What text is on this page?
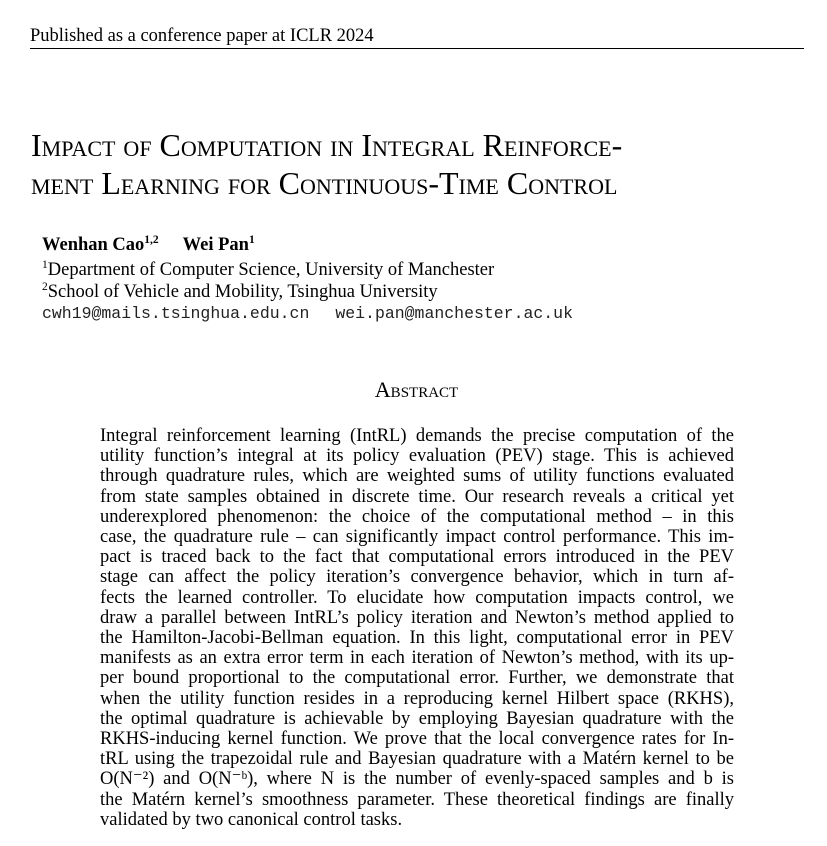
Published as a conference paper at ICLR 2024
Impact of Computation in Integral Reinforce-
ment Learning for Continuous-Time Control
Wenhan Cao$^{1,2}$ Wei Pan$^1$
$^1$Department of Computer Science, University of Manchester
$^2$School of Vehicle and Mobility, Tsinghua University
cwh19@mails.tsinghua.edu.cn wei.pan@manchester.ac.uk
Abstract
Integral reinforcement learning (IntRL) demands the precise computation of the
utility function’s integral at its policy evaluation (PEV) stage. This is achieved
through quadrature rules, which are weighted sums of utility functions evaluated
from state samples obtained in discrete time. Our research reveals a critical yet
underexplored phenomenon: the choice of the computational method – in this
case, the quadrature rule – can significantly impact control performance. This im-
pact is traced back to the fact that computational errors introduced in the PEV
stage can affect the policy iteration’s convergence behavior, which in turn af-
fects the learned controller. To elucidate how computation impacts control, we
draw a parallel between IntRL’s policy iteration and Newton’s method applied to
the Hamilton-Jacobi-Bellman equation. In this light, computational error in PEV
manifests as an extra error term in each iteration of Newton’s method, with its up-
per bound proportional to the computational error. Further, we demonstrate that
when the utility function resides in a reproducing kernel Hilbert space (RKHS),
the optimal quadrature is achievable by employing Bayesian quadrature with the
RKHS-inducing kernel function. We prove that the local convergence rates for In-
tRL using the trapezoidal rule and Bayesian quadrature with a Matérn kernel to be
O(N⁻²) and O(N⁻ᵇ), where N is the number of evenly-spaced samples and b is
the Matérn kernel’s smoothness parameter. These theoretical findings are finally
validated by two canonical control tasks.
